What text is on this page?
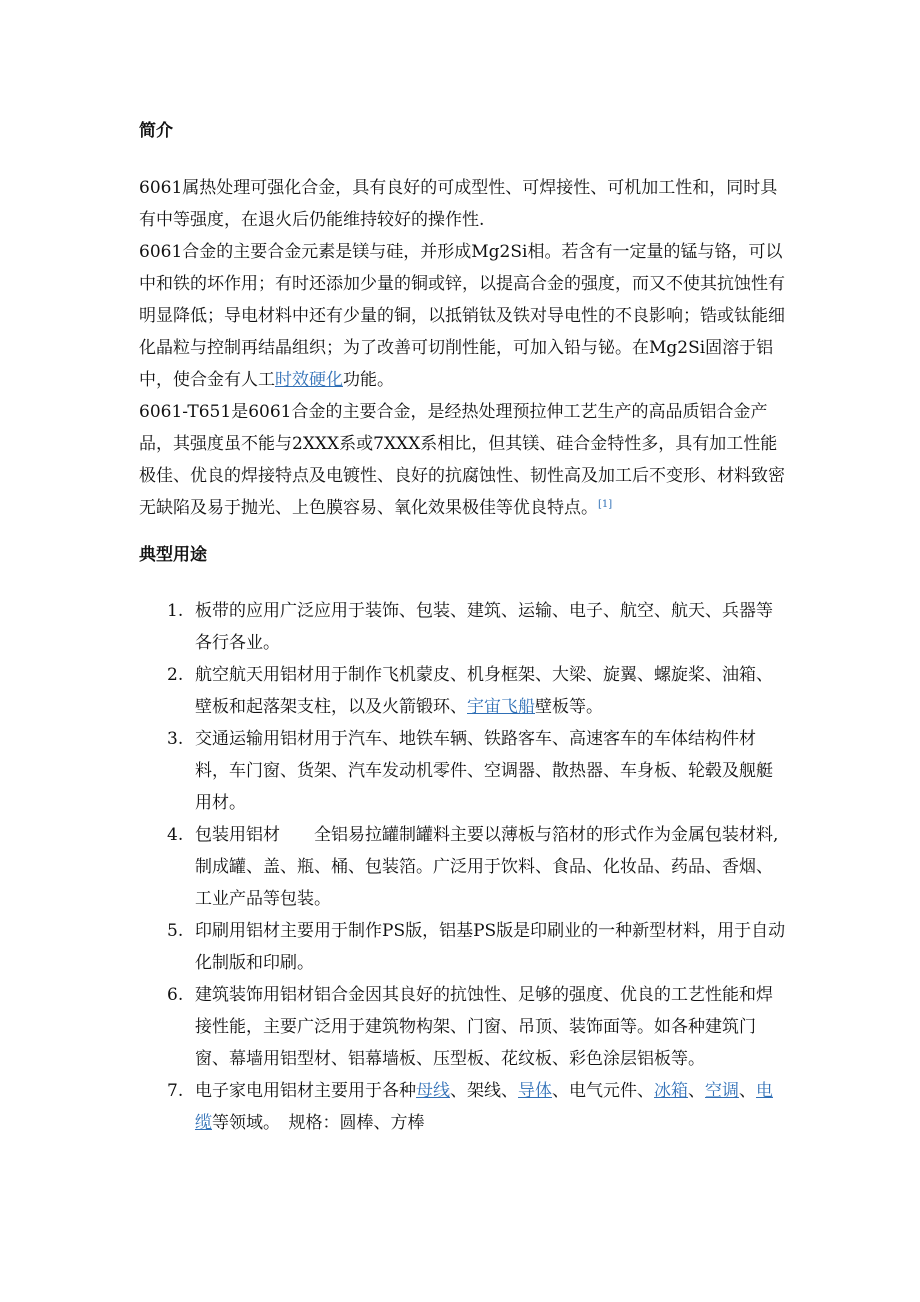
简介

6061属热处理可强化合金，具有良好的可成型性、可焊接性、可机加工性和，同时具有中等强度，在退火后仍能维持较好的操作性.

6061合金的主要合金元素是镁与硅，并形成Mg2Si相。若含有一定量的锰与铬，可以中和铁的坏作用；有时还添加少量的铜或锌，以提高合金的强度，而又不使其抗蚀性有明显降低；导电材料中还有少量的铜，以抵销钛及铁对导电性的不良影响；锆或钛能细化晶粒与控制再结晶组织；为了改善可切削性能，可加入铅与铋。在Mg2Si固溶于铝中，使合金有人工时效硬化功能。

6061-T651是6061合金的主要合金，是经热处理预拉伸工艺生产的高品质铝合金产品，其强度虽不能与2XXX系或7XXX系相比，但其镁、硅合金特性多，具有加工性能极佳、优良的焊接特点及电镀性、良好的抗腐蚀性、韧性高及加工后不变形、材料致密无缺陷及易于抛光、上色膜容易、氧化效果极佳等优良特点。[1]

典型用途
1. 板带的应用广泛应用于装饰、包装、建筑、运输、电子、航空、航天、兵器等各行各业。
2. 航空航天用铝材用于制作飞机蒙皮、机身框架、大梁、旋翼、螺旋桨、油箱、壁板和起落架支柱，以及火箭锻环、宇宙飞船壁板等。
3. 交通运输用铝材用于汽车、地铁车辆、铁路客车、高速客车的车体结构件材料，车门窗、货架、汽车发动机零件、空调器、散热器、车身板、轮毂及舰艇用材。
4. 包装用铝材　　全铝易拉罐制罐料主要以薄板与箔材的形式作为金属包装材料,制成罐、盖、瓶、桶、包装箔。广泛用于饮料、食品、化妆品、药品、香烟、工业产品等包装。
5. 印刷用铝材主要用于制作PS版，铝基PS版是印刷业的一种新型材料，用于自动化制版和印刷。
6. 建筑装饰用铝材铝合金因其良好的抗蚀性、足够的强度、优良的工艺性能和焊接性能，主要广泛用于建筑物构架、门窗、吊顶、装饰面等。如各种建筑门窗、幕墙用铝型材、铝幕墙板、压型板、花纹板、彩色涂层铝板等。
7. 电子家电用铝材主要用于各种母线、架线、导体、电气元件、冰箱、空调、电缆等领域。　规格：圆棒、方棒
